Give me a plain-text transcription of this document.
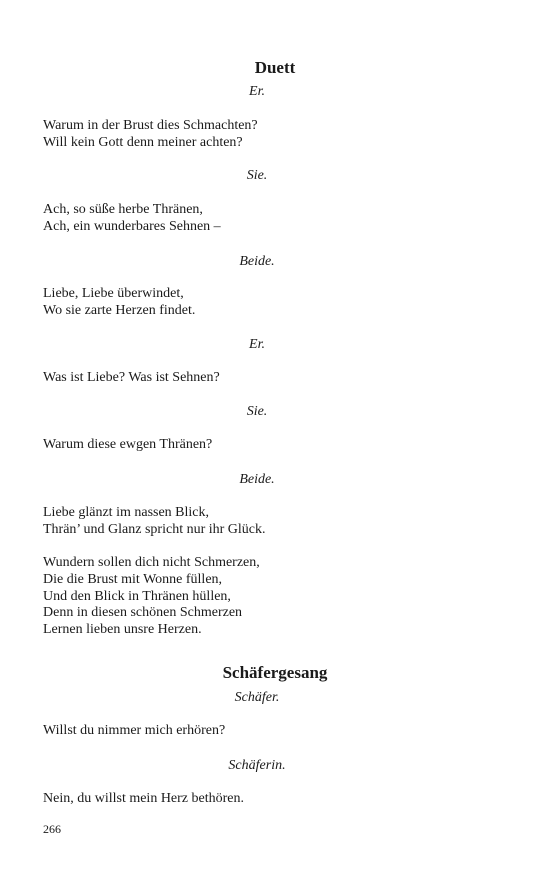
Duett
Er.
Warum in der Brust dies Schmachten?
Will kein Gott denn meiner achten?
Sie.
Ach, so süße herbe Thränen,
Ach, ein wunderbares Sehnen –
Beide.
Liebe, Liebe überwindet,
Wo sie zarte Herzen findet.
Er.
Was ist Liebe? Was ist Sehnen?
Sie.
Warum diese ewgen Thränen?
Beide.
Liebe glänzt im nassen Blick,
Thrän’ und Glanz spricht nur ihr Glück.
Wundern sollen dich nicht Schmerzen,
Die die Brust mit Wonne füllen,
Und den Blick in Thränen hüllen,
Denn in diesen schönen Schmerzen
Lernen lieben unsre Herzen.
Schäfergesang
Schäfer.
Willst du nimmer mich erhören?
Schäferin.
Nein, du willst mein Herz bethören.
266
